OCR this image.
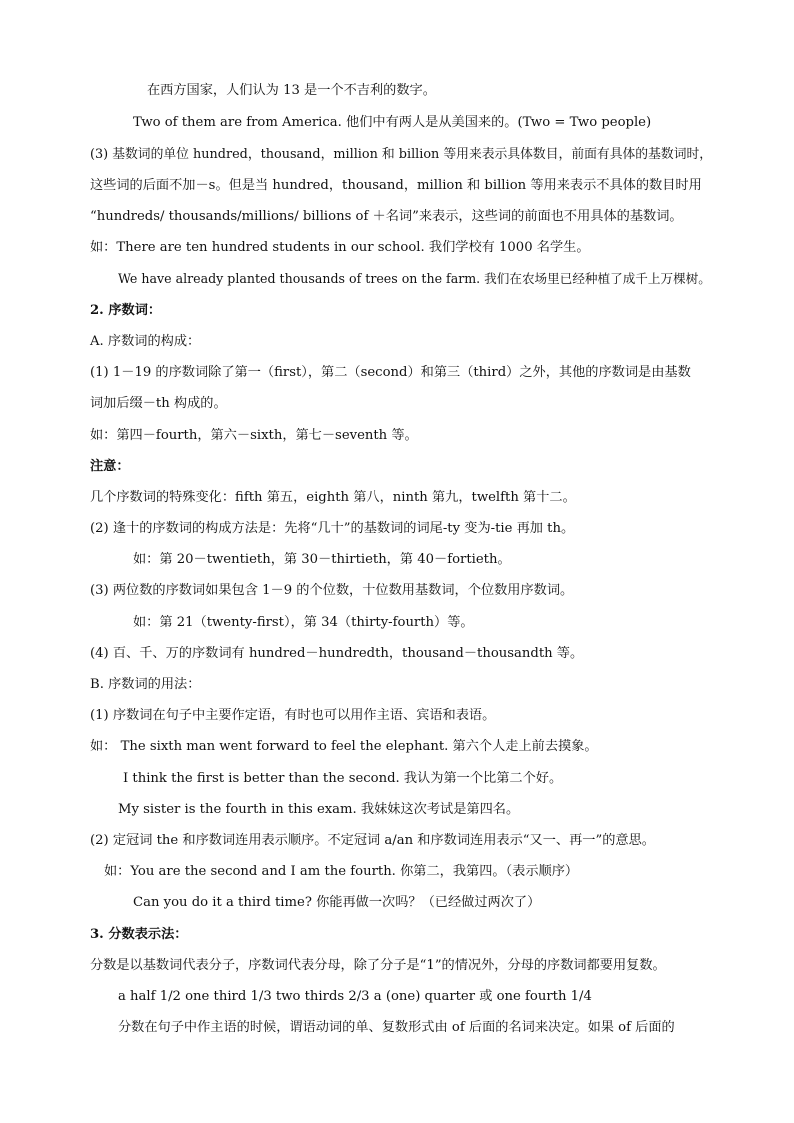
在西方国家，人们认为 13 是一个不吉利的数字。
Two of them are from America. 他们中有两人是从美国来的。(Two = Two people)
(3) 基数词的单位 hundred，thousand，million 和 billion 等用来表示具体数目，前面有具体的基数词时，
这些词的后面不加－s。但是当 hundred，thousand，million 和 billion 等用来表示不具体的数目时用
“hundreds/ thousands/millions/ billions of ＋名词”来表示，这些词的前面也不用具体的基数词。
如：There are ten hundred students in our school. 我们学校有 1000 名学生。
We have already planted thousands of trees on the farm. 我们在农场里已经种植了成千上万棵树。
2. 序数词：
A. 序数词的构成：
(1) 1－19 的序数词除了第一（first），第二（second）和第三（third）之外，其他的序数词是由基数
词加后缀－th 构成的。
如：第四－fourth，第六－sixth，第七－seventh 等。
注意：
几个序数词的特殊变化：fifth 第五，eighth 第八，ninth 第九，twelfth 第十二。
(2) 逢十的序数词的构成方法是：先将“几十”的基数词的词尾-ty 变为-tie 再加 th。
如：第 20－twentieth，第 30－thirtieth，第 40－fortieth。
(3) 两位数的序数词如果包含 1－9 的个位数，十位数用基数词，个位数用序数词。
如：第 21（twenty-first），第 34（thirty-fourth）等。
(4) 百、千、万的序数词有 hundred－hundredth，thousand－thousandth 等。
B. 序数词的用法：
(1) 序数词在句子中主要作定语，有时也可以用作主语、宾语和表语。
如： The sixth man went forward to feel the elephant. 第六个人走上前去摸象。
I think the first is better than the second. 我认为第一个比第二个好。
My sister is the fourth in this exam. 我妹妹这次考试是第四名。
(2) 定冠词 the 和序数词连用表示顺序。不定冠词 a/an 和序数词连用表示“又一、再一”的意思。
如：You are the second and I am the fourth. 你第二，我第四。（表示顺序）
Can you do it a third time? 你能再做一次吗？（已经做过两次了）
3. 分数表示法：
分数是以基数词代表分子，序数词代表分母，除了分子是“1”的情况外，分母的序数词都要用复数。
a half 1/2 one third 1/3 two thirds 2/3 a (one) quarter 或 one fourth 1/4
分数在句子中作主语的时候，谓语动词的单、复数形式由 of 后面的名词来决定。如果 of 后面的
